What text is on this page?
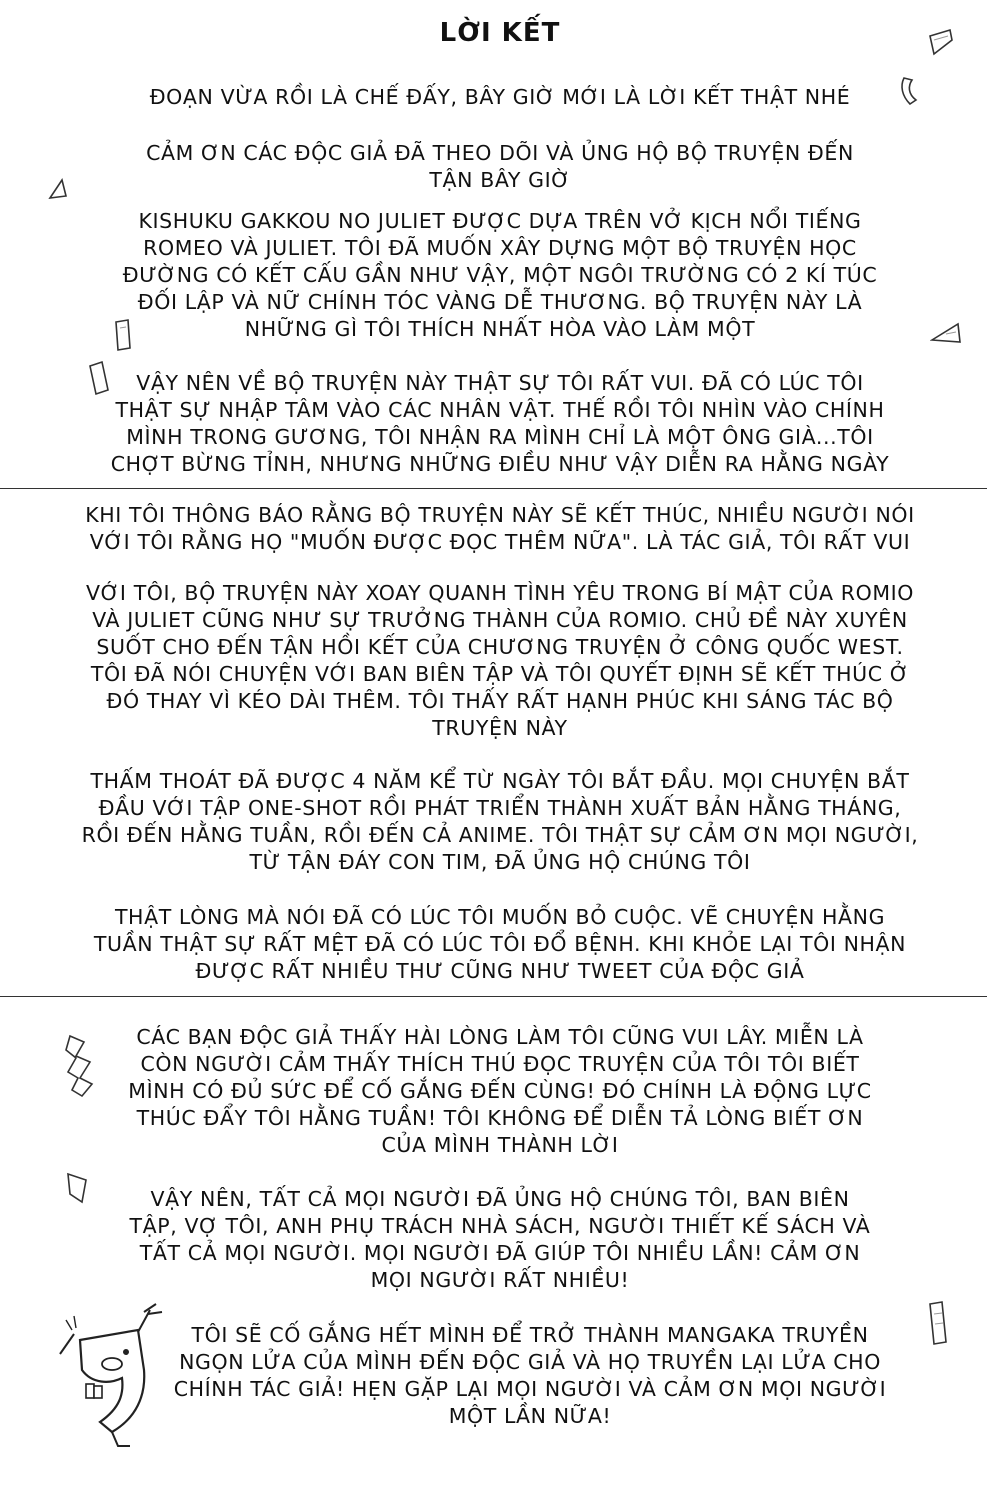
LỜI KẾT
ĐOẠN VỪA RỒI LÀ CHẾ ĐẤY, BÂY GIỜ MỚI LÀ LỜI KẾT THẬT NHÉ
CẢM ƠN CÁC ĐỘC GIẢ ĐÃ THEO DÕI VÀ ỦNG HỘ BỘ TRUYỆN ĐẾN
TẬN BÂY GIỜ
KISHUKU GAKKOU NO JULIET ĐƯỢC DỰA TRÊN VỞ KỊCH NỔI TIẾNG
ROMEO VÀ JULIET. TÔI ĐÃ MUỐN XÂY DỰNG MỘT BỘ TRUYỆN HỌC
ĐƯỜNG CÓ KẾT CẤU GẦN NHƯ VẬY, MỘT NGÔI TRƯỜNG CÓ 2 KÍ TÚC
ĐỐI LẬP VÀ NỮ CHÍNH TÓC VÀNG DỄ THƯƠNG. BỘ TRUYỆN NÀY LÀ
NHỮNG GÌ TÔI THÍCH NHẤT HÒA VÀO LÀM MỘT
VẬY NÊN VỀ BỘ TRUYỆN NÀY THẬT SỰ TÔI RẤT VUI. ĐÃ CÓ LÚC TÔI
THẬT SỰ NHẬP TÂM VÀO CÁC NHÂN VẬT. THẾ RỒI TÔI NHÌN VÀO CHÍNH
MÌNH TRONG GƯƠNG, TÔI NHẬN RA MÌNH CHỈ LÀ MỘT ÔNG GIÀ...TÔI
CHỢT BỪNG TỈNH, NHƯNG NHỮNG ĐIỀU NHƯ VẬY DIỄN RA HẰNG NGÀY
KHI TÔI THÔNG BÁO RẰNG BỘ TRUYỆN NÀY SẼ KẾT THÚC, NHIỀU NGƯỜI NÓI
VỚI TÔI RẰNG HỌ "MUỐN ĐƯỢC ĐỌC THÊM NỮA". LÀ TÁC GIẢ, TÔI RẤT VUI
VỚI TÔI, BỘ TRUYỆN NÀY XOAY QUANH TÌNH YÊU TRONG BÍ MẬT CỦA ROMIO
VÀ JULIET CŨNG NHƯ SỰ TRƯỞNG THÀNH CỦA ROMIO. CHỦ ĐỀ NÀY XUYÊN
SUỐT CHO ĐẾN TẬN HỒI KẾT CỦA CHƯƠNG TRUYỆN Ở CÔNG QUỐC WEST.
TÔI ĐÃ NÓI CHUYỆN VỚI BAN BIÊN TẬP VÀ TÔI QUYẾT ĐỊNH SẼ KẾT THÚC Ở
ĐÓ THAY VÌ KÉO DÀI THÊM. TÔI THẤY RẤT HẠNH PHÚC KHI SÁNG TÁC BỘ
TRUYỆN NÀY
THẤM THOÁT ĐÃ ĐƯỢC 4 NĂM KỂ TỪ NGÀY TÔI BẮT ĐẦU. MỌI CHUYỆN BẮT
ĐẦU VỚI TẬP ONE-SHOT RỒI PHÁT TRIỂN THÀNH XUẤT BẢN HẰNG THÁNG,
RỒI ĐẾN HẰNG TUẦN, RỒI ĐẾN CẢ ANIME. TÔI THẬT SỰ CẢM ƠN MỌI NGƯỜI,
TỪ TẬN ĐÁY CON TIM, ĐÃ ỦNG HỘ CHÚNG TÔI
THẬT LÒNG MÀ NÓI ĐÃ CÓ LÚC TÔI MUỐN BỎ CUỘC. VẼ CHUYỆN HẰNG
TUẦN THẬT SỰ RẤT MỆT ĐÃ CÓ LÚC TÔI ĐỔ BỆNH. KHI KHỎE LẠI TÔI NHẬN
ĐƯỢC RẤT NHIỀU THƯ CŨNG NHƯ TWEET CỦA ĐỘC GIẢ
CÁC BẠN ĐỘC GIẢ THẤY HÀI LÒNG LÀM TÔI CŨNG VUI LÂY. MIỄN LÀ
CÒN NGƯỜI CẢM THẤY THÍCH THÚ ĐỌC TRUYỆN CỦA TÔI TÔI BIẾT
MÌNH CÓ ĐỦ SỨC ĐỂ CỐ GẮNG ĐẾN CÙNG! ĐÓ CHÍNH LÀ ĐỘNG LỰC
THÚC ĐẨY TÔI HẰNG TUẦN! TÔI KHÔNG ĐỂ DIỄN TẢ LÒNG BIẾT ƠN
CỦA MÌNH THÀNH LỜI
VẬY NÊN, TẤT CẢ MỌI NGƯỜI ĐÃ ỦNG HỘ CHÚNG TÔI, BAN BIÊN
TẬP, VỢ TÔI, ANH PHỤ TRÁCH NHÀ SÁCH, NGƯỜI THIẾT KẾ SÁCH VÀ
TẤT CẢ MỌI NGƯỜI. MỌI NGƯỜI ĐÃ GIÚP TÔI NHIỀU LẦN! CẢM ƠN
MỌI NGƯỜI RẤT NHIỀU!
TÔI SẼ CỐ GẮNG HẾT MÌNH ĐỂ TRỞ THÀNH MANGAKA TRUYỀN
NGỌN LỬA CỦA MÌNH ĐẾN ĐỘC GIẢ VÀ HỌ TRUYỀN LẠI LỬA CHO
CHÍNH TÁC GIẢ! HẸN GẶP LẠI MỌI NGƯỜI VÀ CẢM ƠN MỌI NGƯỜI
MỘT LẦN NỮA!
